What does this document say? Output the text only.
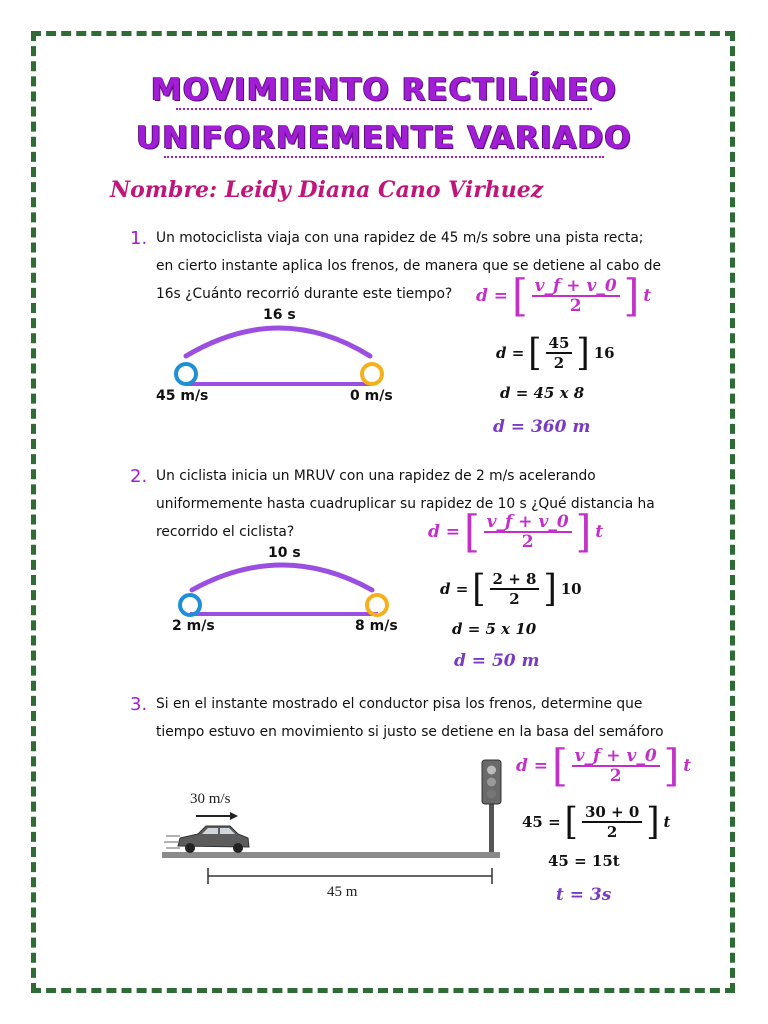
MOVIMIENTO RECTILÍNEO
UNIFORMEMENTE VARIADO
Nombre: Leidy Diana Cano Virhuez
1. Un motociclista viaja con una rapidez de 45 m/s sobre una pista recta;
en cierto instante aplica los frenos, de manera que se detiene al cabo de
16s ¿Cuánto recorrió durante este tiempo?
16 s
45 m/s	0 m/s
d = [ $\frac{v\_f + v\_0}{2}$ ] t
d = [ $\frac{45}{2}$ ] 16
d = 45 x 8
d = 360 m
2. Un ciclista inicia un MRUV con una rapidez de 2 m/s acelerando
uniformemente hasta cuadruplicar su rapidez de 10 s ¿Qué distancia ha
recorrido el ciclista?
10 s
2 m/s	8 m/s
d = [ $\frac{v\_f + v\_0}{2}$ ] t
d = [ $\frac{2 + 8}{2}$ ] 10
d = 5 x 10
d = 50 m
3. Si en el instante mostrado el conductor pisa los frenos, determine que
tiempo estuvo en movimiento si justo se detiene en la basa del semáforo
30 m/s
45 m
d = [ $\frac{v\_f + v\_0}{2}$ ] t
45 = [ $\frac{30 + 0}{2}$ ] t
45 = 15t
t = 3s
